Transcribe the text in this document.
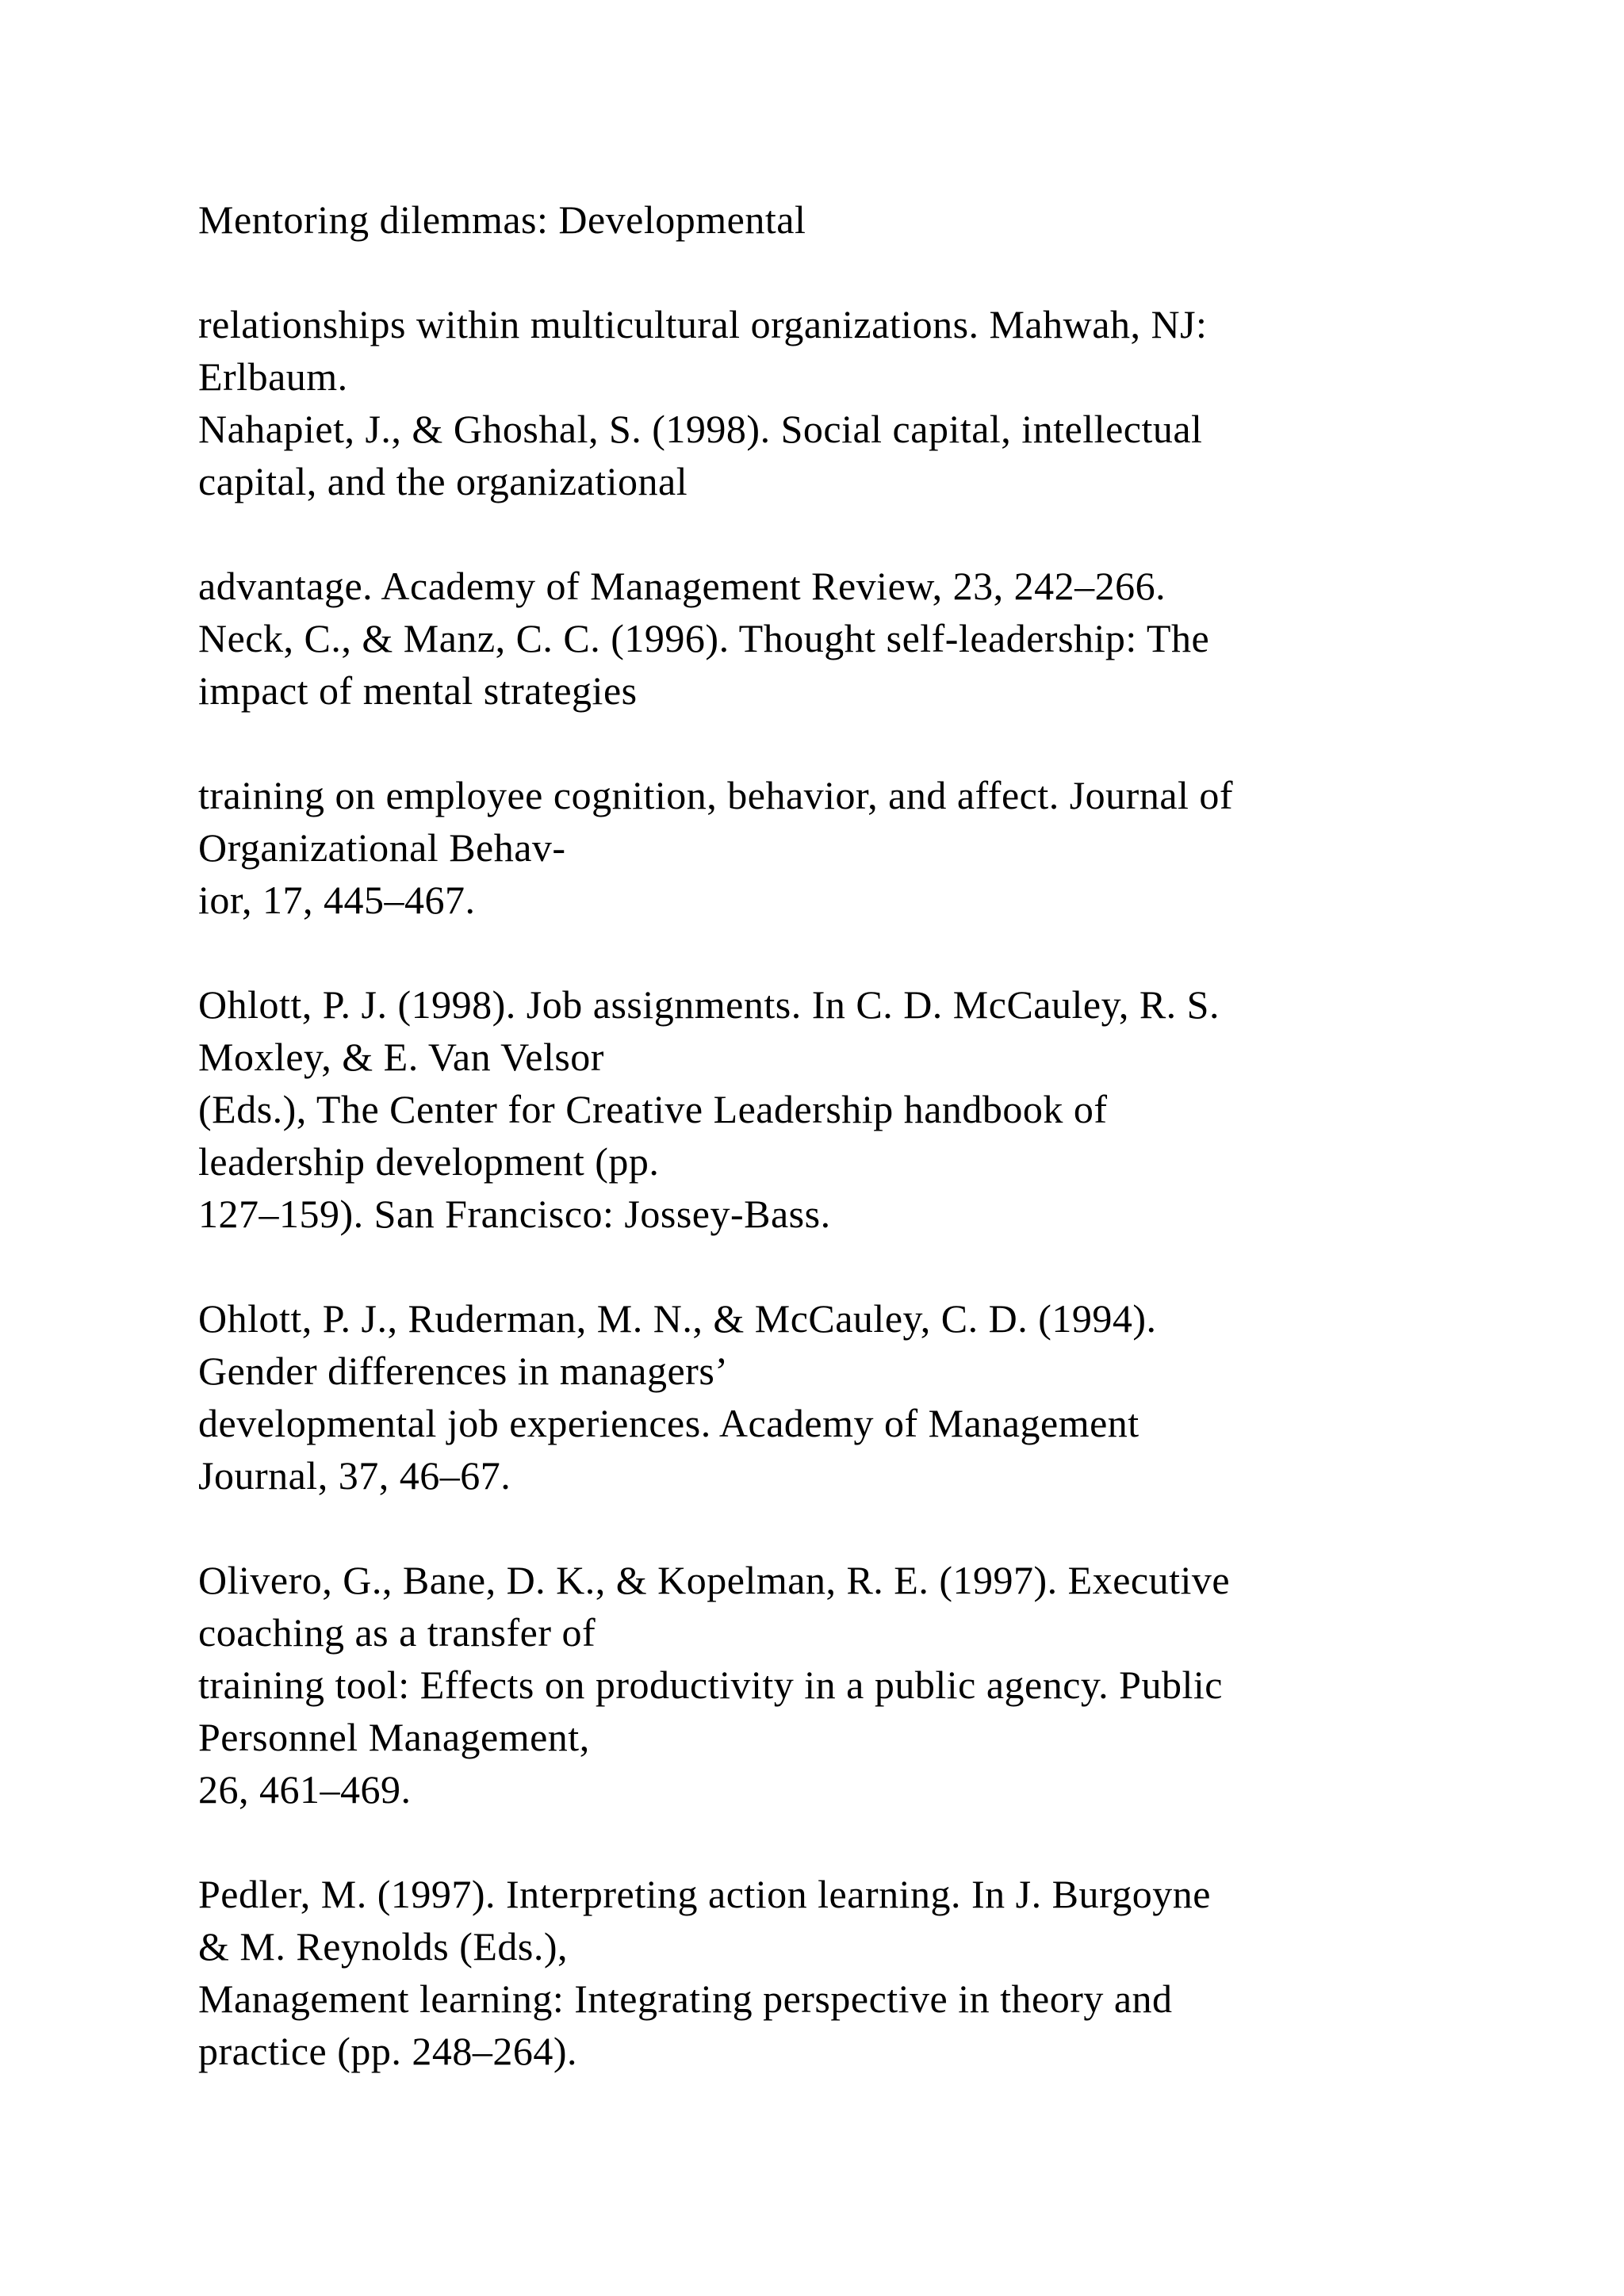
Mentoring dilemmas: Developmental
relationships within multicultural organizations. Mahwah, NJ:
Erlbaum.
Nahapiet, J., & Ghoshal, S. (1998). Social capital, intellectual
capital, and the organizational
advantage. Academy of Management Review, 23, 242–266.
Neck, C., & Manz, C. C. (1996). Thought self-leadership: The
impact of mental strategies
training on employee cognition, behavior, and affect. Journal of
Organizational Behav-
ior, 17, 445–467.
Ohlott, P. J. (1998). Job assignments. In C. D. McCauley, R. S.
Moxley, & E. Van Velsor
(Eds.), The Center for Creative Leadership handbook of
leadership development (pp.
127–159). San Francisco: Jossey-Bass.
Ohlott, P. J., Ruderman, M. N., & McCauley, C. D. (1994).
Gender differences in managers’
developmental job experiences. Academy of Management
Journal, 37, 46–67.
Olivero, G., Bane, D. K., & Kopelman, R. E. (1997). Executive
coaching as a transfer of
training tool: Effects on productivity in a public agency. Public
Personnel Management,
26, 461–469.
Pedler, M. (1997). Interpreting action learning. In J. Burgoyne
& M. Reynolds (Eds.),
Management learning: Integrating perspective in theory and
practice (pp. 248–264).
